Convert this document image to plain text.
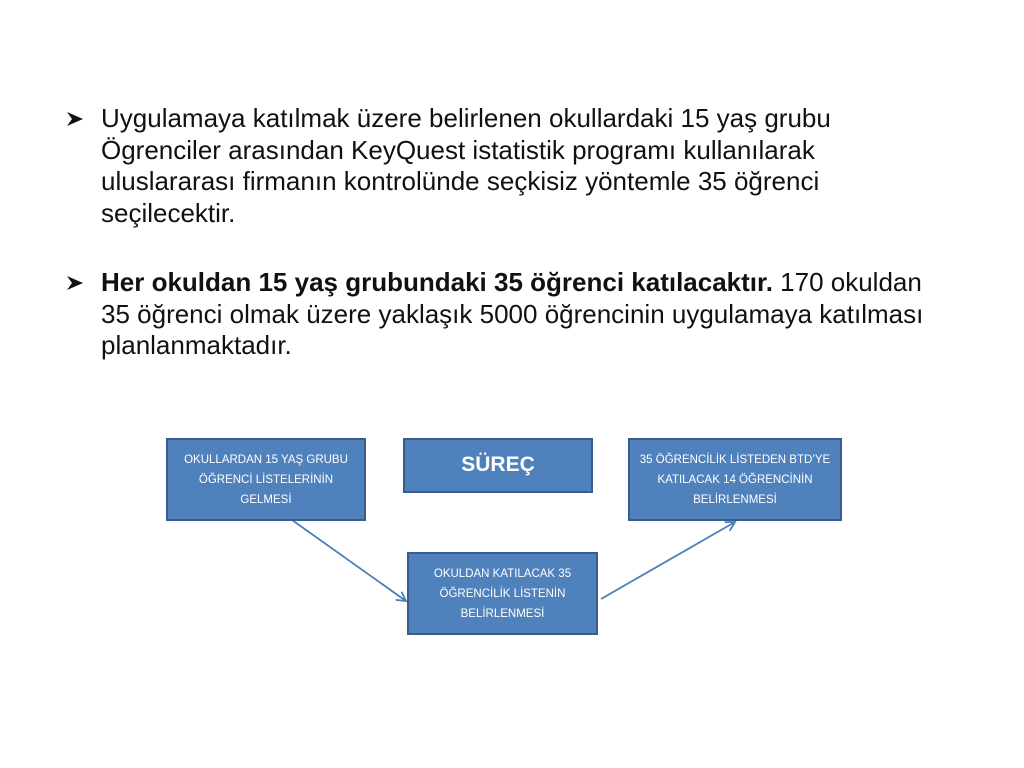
Uygulamaya katılmak üzere belirlenen okullardaki 15 yaş grubu Ögrenciler arasından KeyQuest istatistik programı kullanılarak uluslararası firmanın kontrolünde seçkisiz yöntemle 35 öğrenci seçilecektir.
Her okuldan 15 yaş grubundaki 35 öğrenci katılacaktır. 170 okuldan 35 öğrenci olmak üzere yaklaşık 5000 öğrencinin uygulamaya katılması planlanmaktadır.
OKULLARDAN 15 YAŞ GRUBU ÖĞRENCİ LİSTELERİNİN GELMESİ
SÜREÇ	35 ÖĞRENCİLİK LİSTEDEN BTD’YE KATILACAK 14 ÖĞRENCİNİN BELİRLENMESİ
OKULDAN KATILACAK 35 ÖĞRENCİLİK LİSTENİN BELİRLENMESİ
